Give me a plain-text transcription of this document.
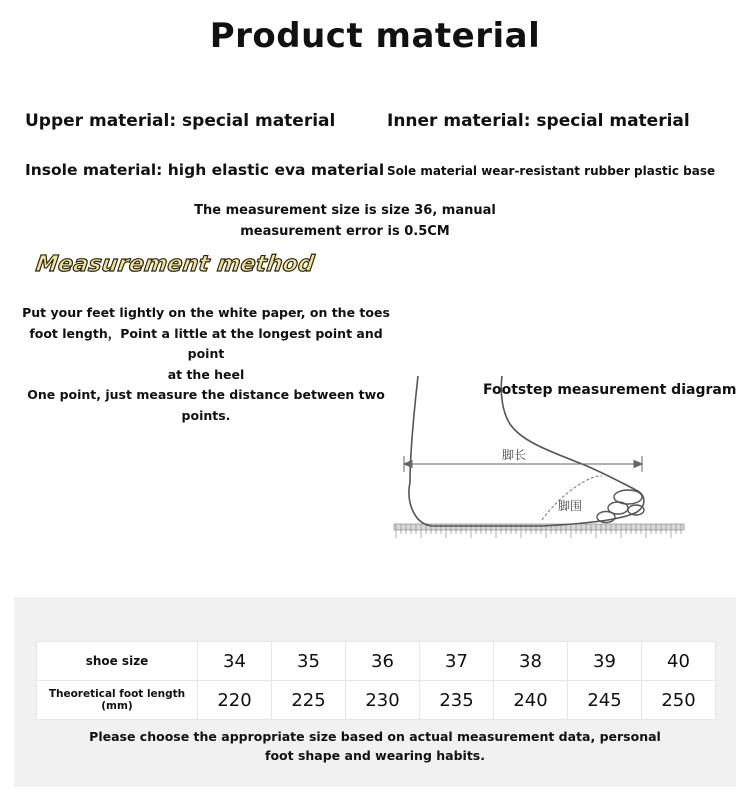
Product material
Upper material: special material	Inner material: special material
Insole material: high elastic eva material Sole material wear-resistant rubber plastic base
The measurement size is size 36, manual
measurement error is 0.5CM
Measurement method
Put your feet lightly on the white paper, on the toes
foot length，Point a little at the longest point and point
at the heel
One point, just measure the distance between two
points.
Footstep measurement diagram
脚长
脚围
shoe size	34	35	36	37	38	39	40
Theoretical foot length (mm)	220	225	230	235	240	245	250
Please choose the appropriate size based on actual measurement data, personal
foot shape and wearing habits.
